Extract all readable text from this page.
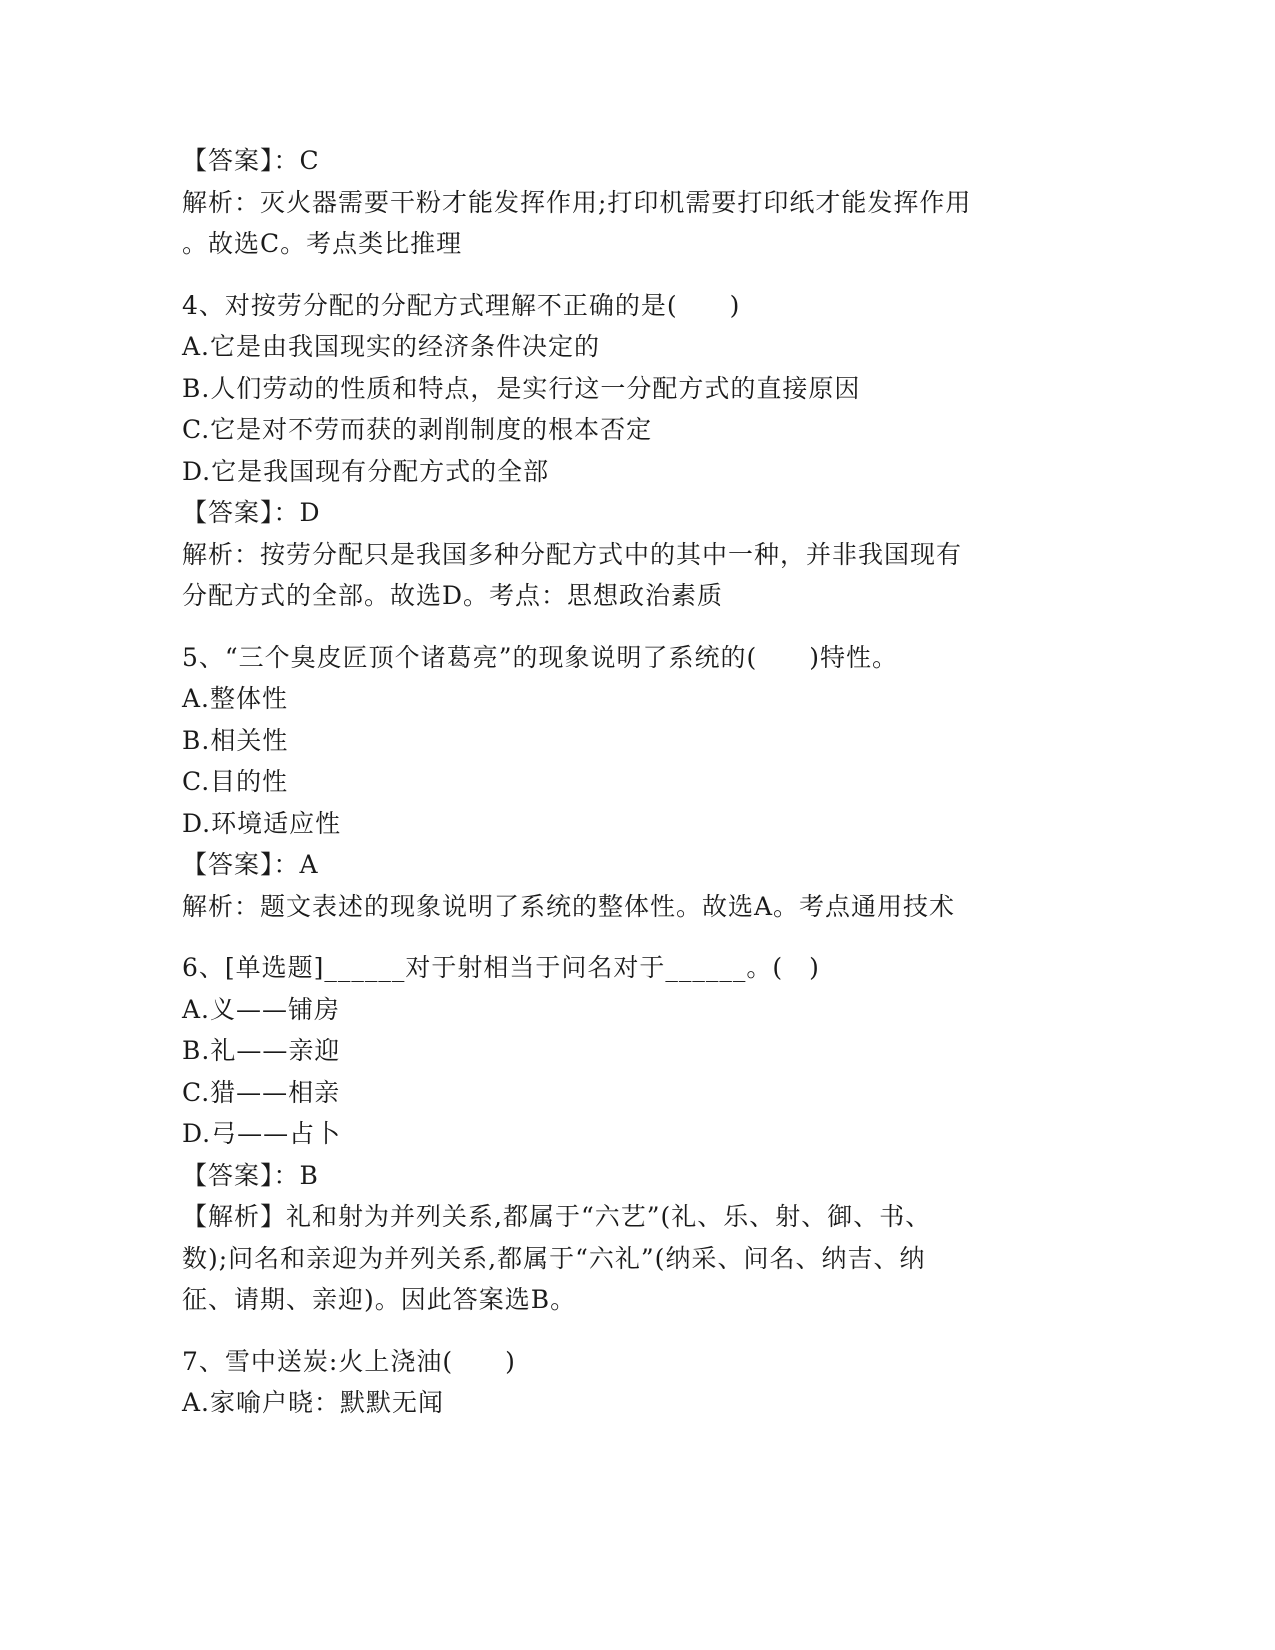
【答案】：C
解析：灭火器需要干粉才能发挥作用;打印机需要打印纸才能发挥作用
。故选C。考点类比推理
4、对按劳分配的分配方式理解不正确的是(　　)
A.它是由我国现实的经济条件决定的
B.人们劳动的性质和特点，是实行这一分配方式的直接原因
C.它是对不劳而获的剥削制度的根本否定
D.它是我国现有分配方式的全部
【答案】：D
解析：按劳分配只是我国多种分配方式中的其中一种，并非我国现有
分配方式的全部。故选D。考点：思想政治素质
5、“三个臭皮匠顶个诸葛亮”的现象说明了系统的(　　)特性。
A.整体性
B.相关性
C.目的性
D.环境适应性
【答案】：A
解析：题文表述的现象说明了系统的整体性。故选A。考点通用技术
6、[单选题]______对于射相当于问名对于______。(　)
A.义——铺房
B.礼——亲迎
C.猎——相亲
D.弓——占卜
【答案】：B
【解析】礼和射为并列关系,都属于“六艺”(礼、乐、射、御、书、
数);问名和亲迎为并列关系,都属于“六礼”(纳采、问名、纳吉、纳
征、请期、亲迎)。因此答案选B。
7、雪中送炭:火上浇油(　　)
A.家喻户晓：默默无闻
